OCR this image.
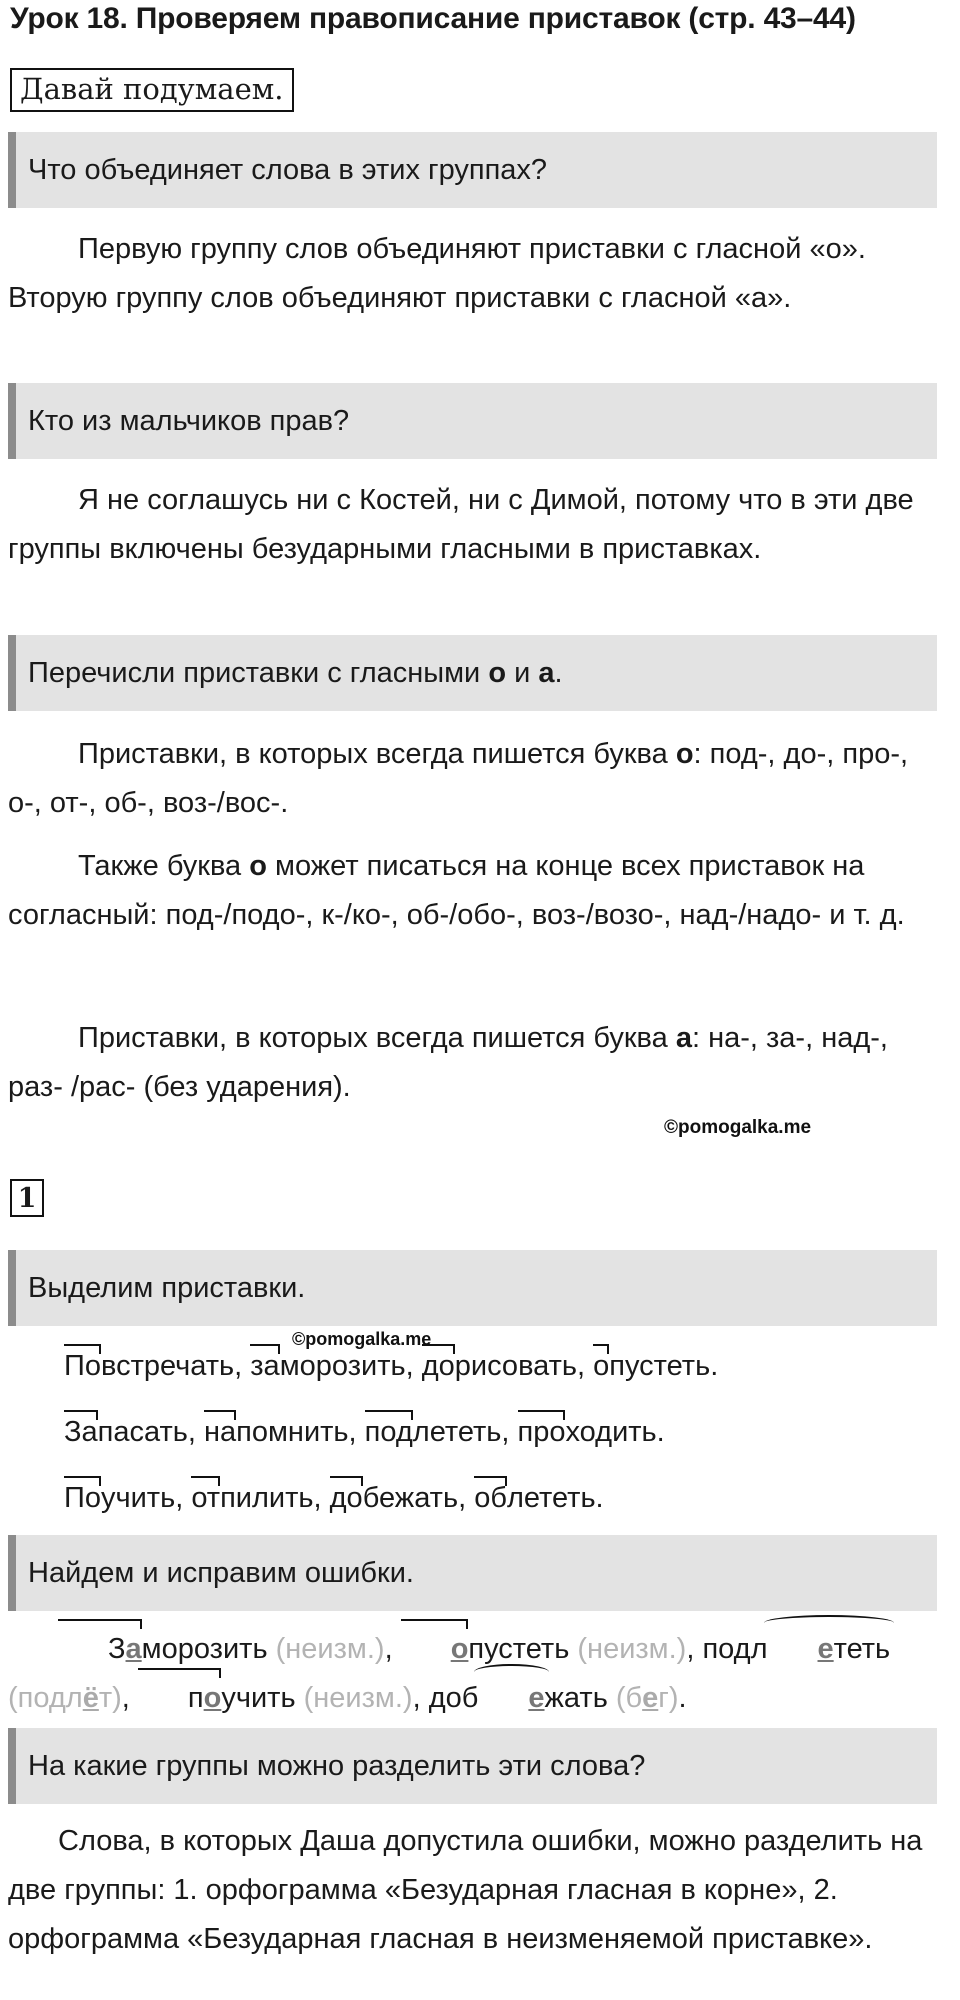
Урок 18. Проверяем правописание приставок (стр. 43–44)
Давай подумаем.
Что объединяет слова в этих группах?
Первую группу слов объединяют приставки с гласной «о». Вторую группу слов объединяют приставки с гласной «а».
Кто из мальчиков прав?
Я не соглашусь ни с Костей, ни с Димой, потому что в эти две группы включены безударными гласными в приставках.
Перечисли приставки с гласными о и а.
Приставки, в которых всегда пишется буква о: под-, до-, про-, о-, от-, об-, воз-/вос-.
Также буква о может писаться на конце всех приставок на согласный: под-/подо-, к-/ко-, об-/обо-, воз-/возо-, над-/надо- и т. д.
Приставки, в которых всегда пишется буква а: на-, за-, над-, раз- /рас- (без ударения).
©pomogalka.me
1
Выделим приставки.
©pomogalka.me
Повстречать, заморозить, дорисовать, опустеть.
Запасать, напомнить, подлететь, проходить.
Поучить, отпилить, добежать, облететь.
Найдем и исправим ошибки.
Заморозить (неизм.), опустеть (неизм.), подл ететь (подлёт), поучить (неизм.), доб ежать (бег).
На какие группы можно разделить эти слова?
Слова, в которых Даша допустила ошибки, можно разделить на две группы: 1. орфограмма «Безударная гласная в корне», 2. орфограмма «Безударная гласная в неизменяемой приставке».
